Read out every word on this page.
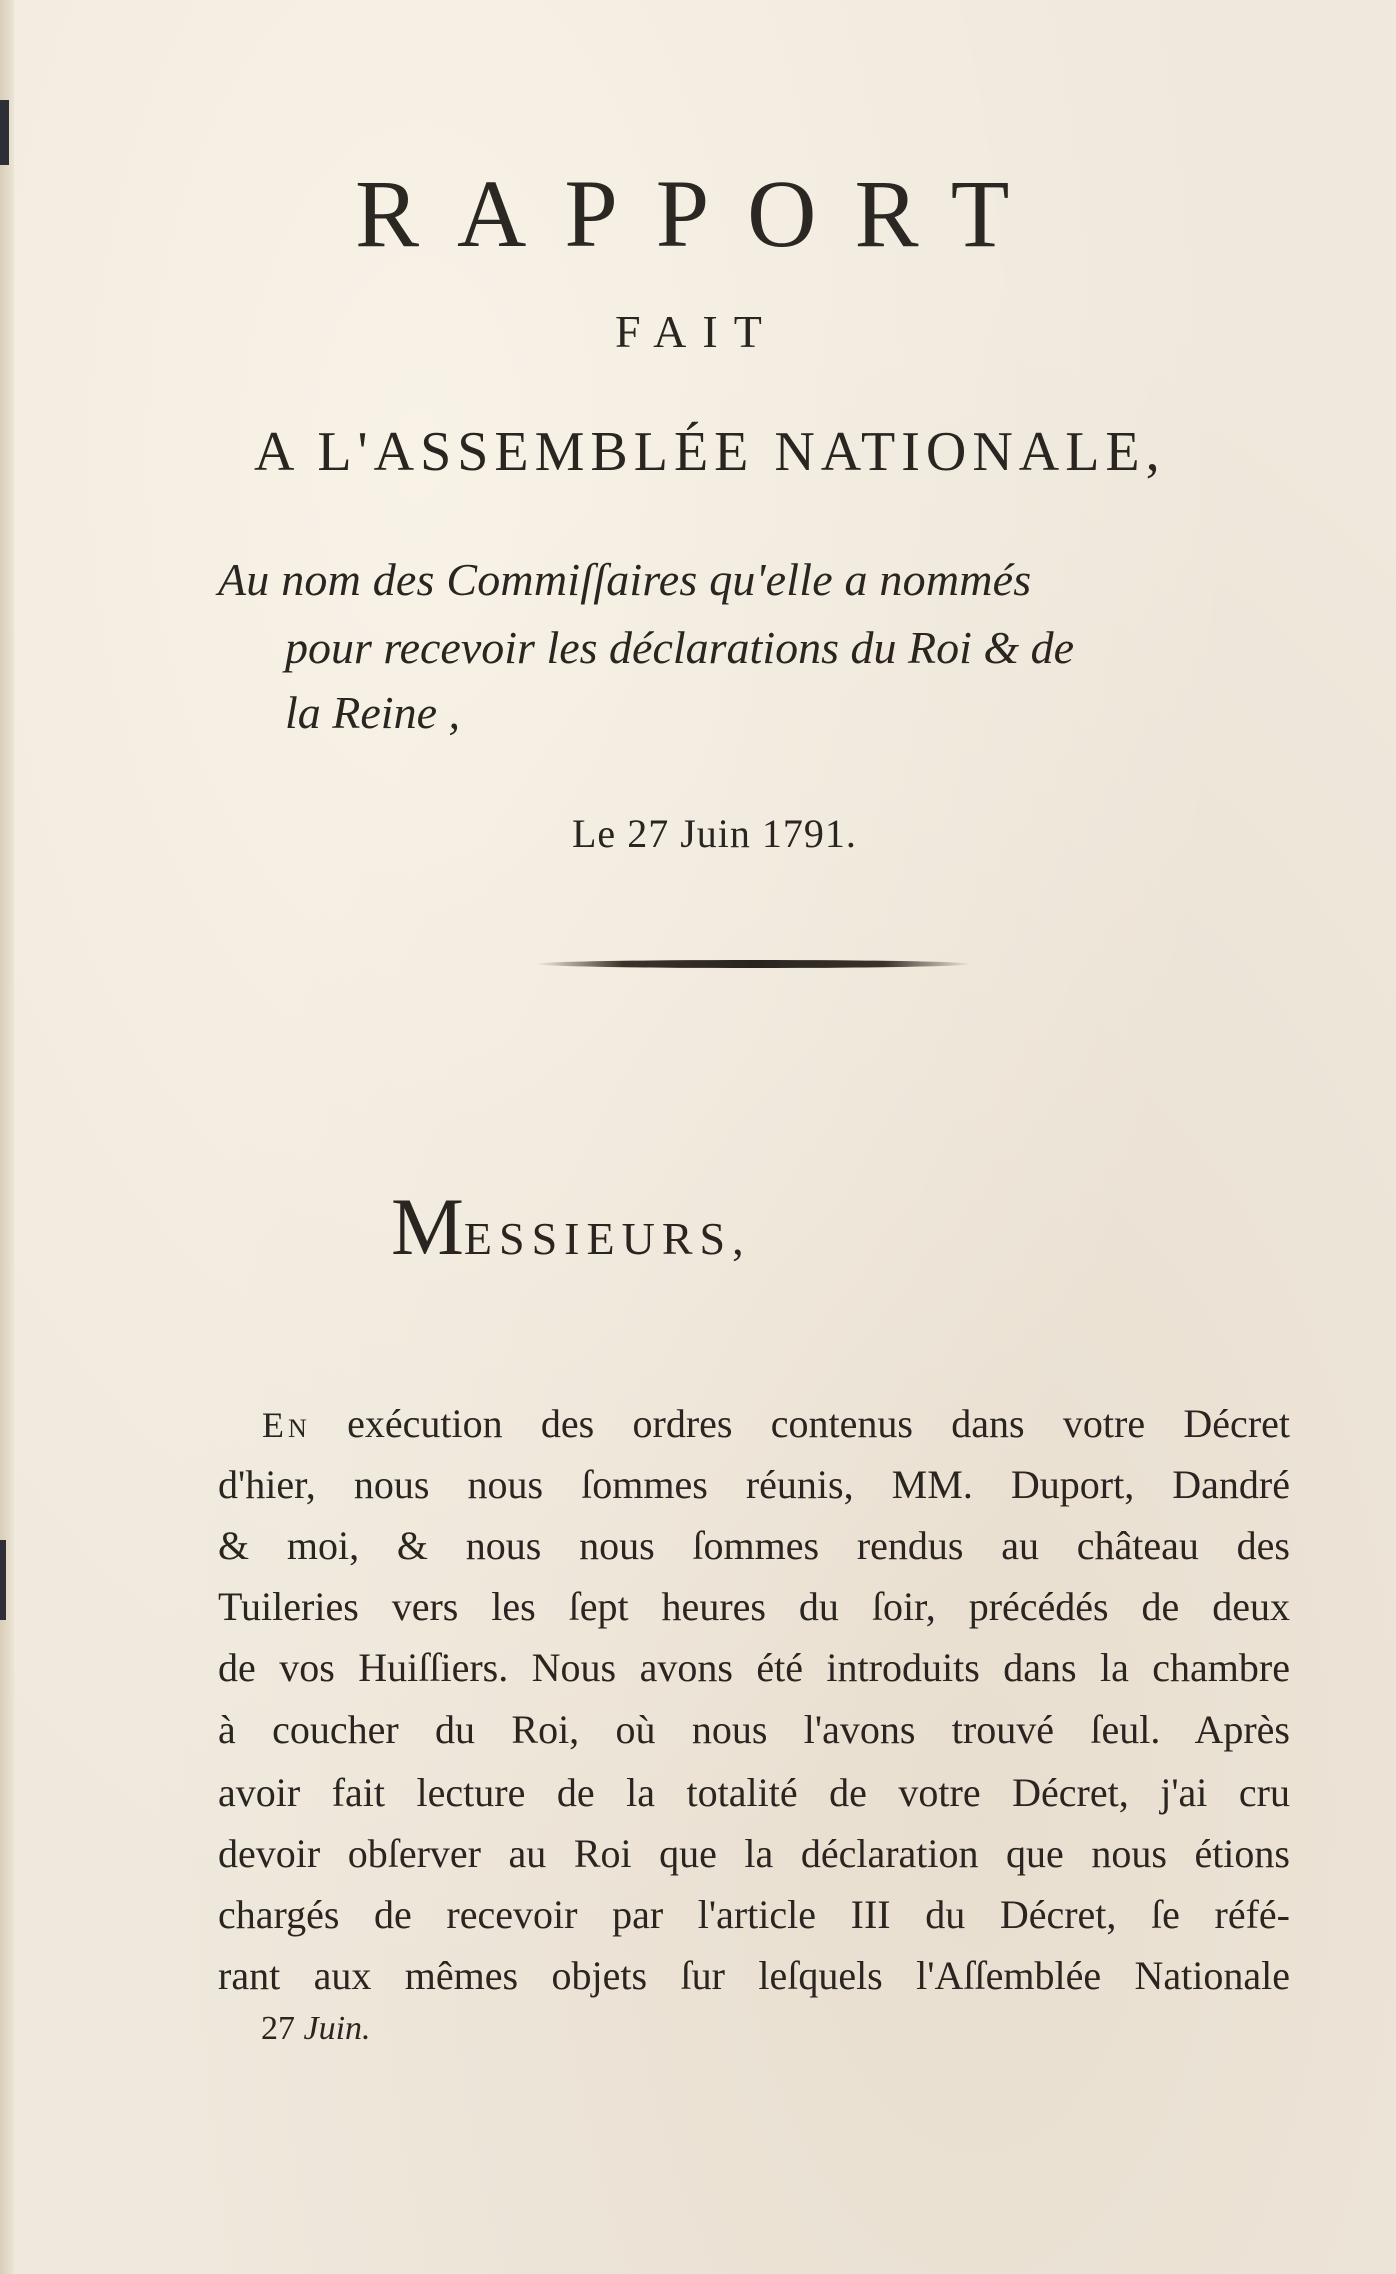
RAPPORT
FAIT
A L'ASSEMBLÉE NATIONALE,
Au nom des Commiſſaires qu'elle a nommés
pour recevoir les déclarations du Roi & de
la Reine ,
Le 27 Juin 1791.
MESSIEURS,
EN exécution des ordres contenus dans votre Décret
d'hier, nous nous ſommes réunis, MM. Duport, Dandré
& moi, & nous nous ſommes rendus au château des
Tuileries vers les ſept heures du ſoir, précédés de deux
de vos Huiſſiers. Nous avons été introduits dans la chambre
à coucher du Roi, où nous l'avons trouvé ſeul. Après
avoir fait lecture de la totalité de votre Décret, j'ai cru
devoir obſerver au Roi que la déclaration que nous étions
chargés de recevoir par l'article III du Décret, ſe réfé-
rant aux mêmes objets ſur leſquels l'Aſſemblée Nationale
27 Juin.
